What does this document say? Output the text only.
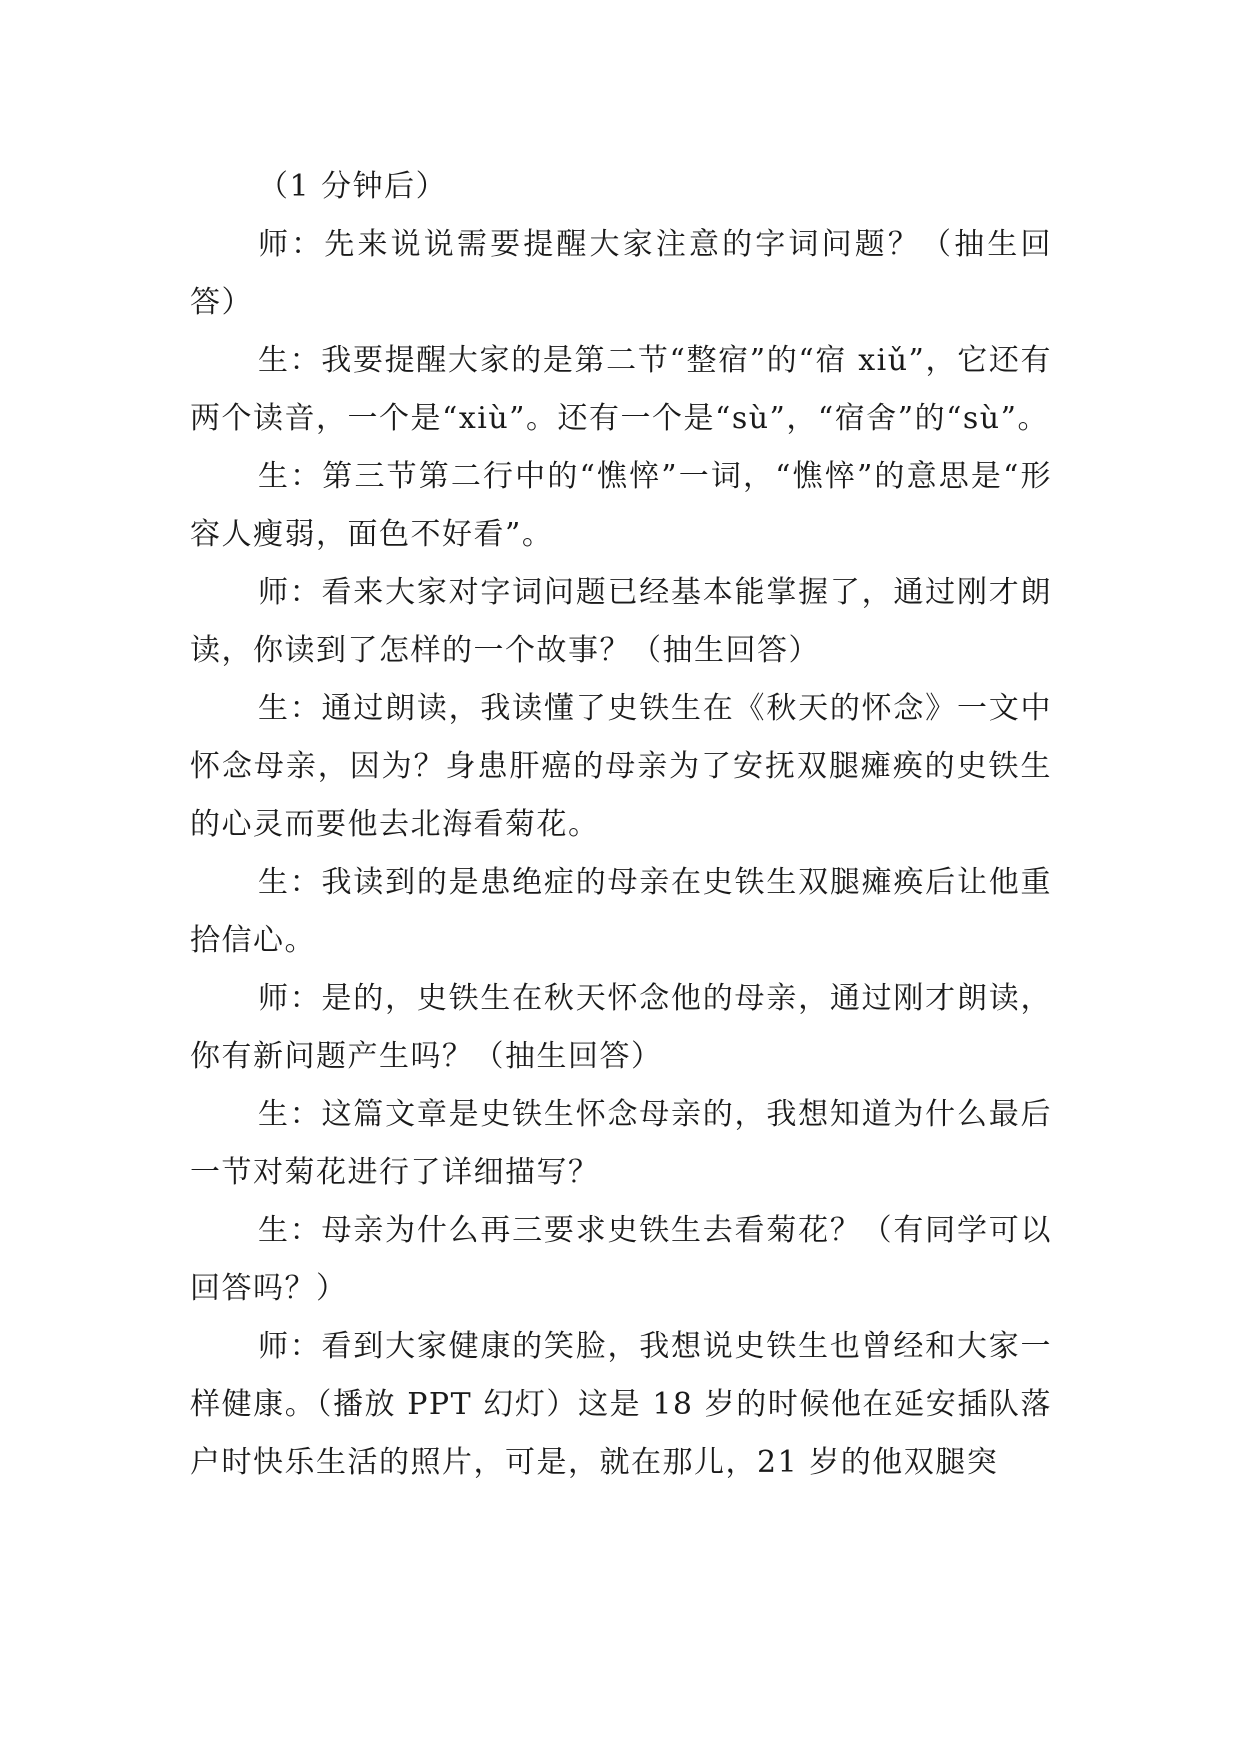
（1 分钟后）

师：先来说说需要提醒大家注意的字词问题？（抽生回答）

生：我要提醒大家的是第二节“整宿”的“宿 xiǔ”，它还有两个读音，一个是“xiù”。还有一个是“sù”，“宿舍”的“sù”。

生：第三节第二行中的“憔悴”一词，“憔悴”的意思是“形容人瘦弱，面色不好看”。

师：看来大家对字词问题已经基本能掌握了，通过刚才朗读，你读到了怎样的一个故事？（抽生回答）

生：通过朗读，我读懂了史铁生在《秋天的怀念》一文中怀念母亲，因为？身患肝癌的母亲为了安抚双腿瘫痪的史铁生的心灵而要他去北海看菊花。

生：我读到的是患绝症的母亲在史铁生双腿瘫痪后让他重拾信心。

师：是的，史铁生在秋天怀念他的母亲，通过刚才朗读，你有新问题产生吗？（抽生回答）

生：这篇文章是史铁生怀念母亲的，我想知道为什么最后一节对菊花进行了详细描写？

生：母亲为什么再三要求史铁生去看菊花？（有同学可以回答吗？）

师：看到大家健康的笑脸，我想说史铁生也曾经和大家一样健康。（播放 PPT 幻灯）这是 18 岁的时候他在延安插队落户时快乐生活的照片，可是，就在那儿，21 岁的他双腿突
